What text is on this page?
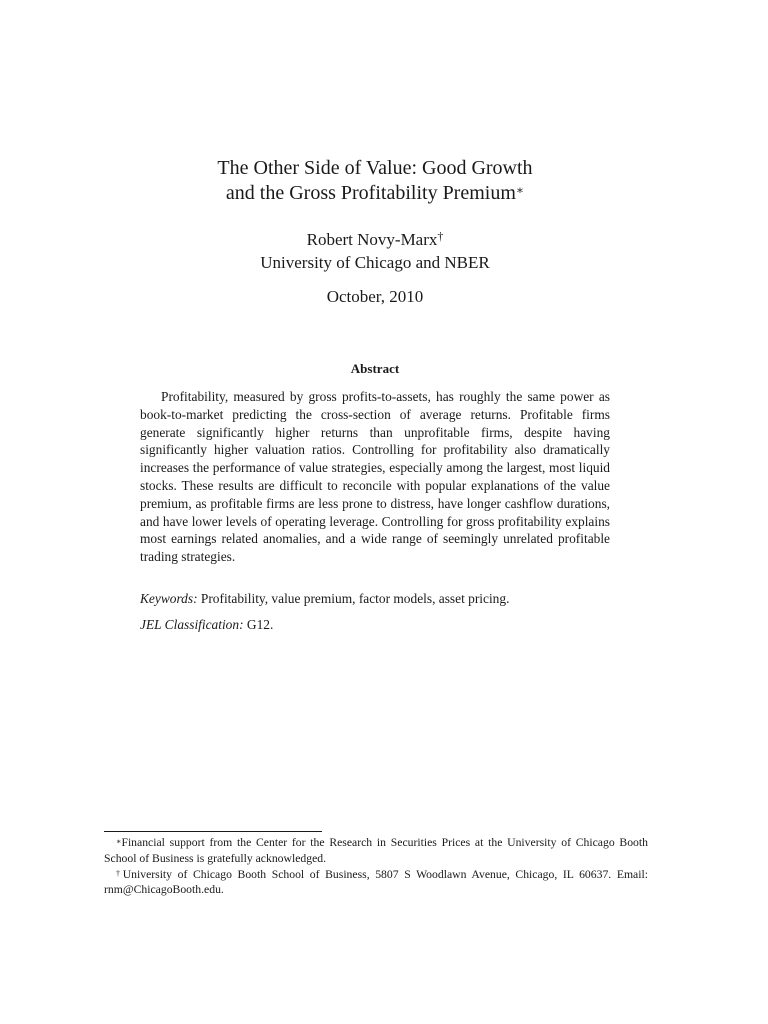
The Other Side of Value: Good Growth
and the Gross Profitability Premium∗
Robert Novy-Marx†
University of Chicago and NBER
October, 2010
Abstract

Profitability, measured by gross profits-to-assets, has roughly the same power as book-to-market predicting the cross-section of average returns. Profitable firms generate significantly higher returns than unprofitable firms, despite having significantly higher valuation ratios. Controlling for profitability also dramatically increases the performance of value strategies, especially among the largest, most liquid stocks. These results are difficult to reconcile with popular explanations of the value premium, as profitable firms are less prone to distress, have longer cashflow durations, and have lower levels of operating leverage. Controlling for gross profitability explains most earnings related anomalies, and a wide range of seemingly unrelated profitable trading strategies.

Keywords: Profitability, value premium, factor models, asset pricing.
JEL Classification: G12.

∗Financial support from the Center for the Research in Securities Prices at the University of Chicago Booth School of Business is gratefully acknowledged.

†University of Chicago Booth School of Business, 5807 S Woodlawn Avenue, Chicago, IL 60637. Email: rnm@ChicagoBooth.edu.
